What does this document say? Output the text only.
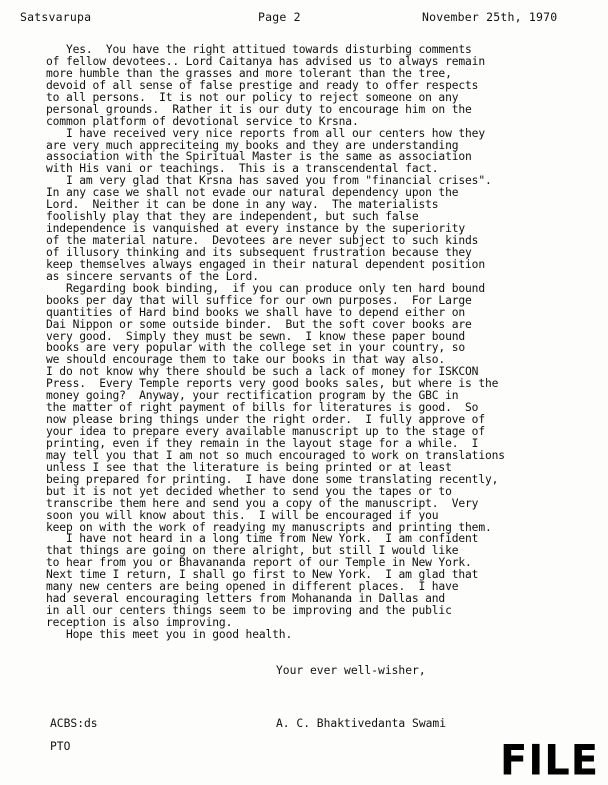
Satsvarupa	Page 2	November 25th, 1970
Yes.  You have the right attitued towards disturbing comments
of fellow devotees.. Lord Caitanya has advised us to always remain
more humble than the grasses and more tolerant than the tree,
devoid of all sense of false prestige and ready to offer respects
to all persons.  It is not our policy to reject someone on any
personal grounds.  Rather it is our duty to encourage him on the
common platform of devotional service to Krsna.
I have received very nice reports from all our centers how they
are very much appreciteing my books and they are understanding
association with the Spiritual Master is the same as association
with His vani or teachings.  This is a transcendental fact.
I am very glad that Krsna has saved you from "financial crises".
In any case we shall not evade our natural dependency upon the
Lord.  Neither it can be done in any way.  The materialists
foolishly play that they are independent, but such false
independence is vanquished at every instance by the superiority
of the material nature.  Devotees are never subject to such kinds
of illusory thinking and its subsequent frustration because they
keep themselves always engaged in their natural dependent position
as sincere servants of the Lord.
Regarding book binding,  if you can produce only ten hard bound
books per day that will suffice for our own purposes.  For Large
quantities of Hard bind books we shall have to depend either on
Dai Nippon or some outside binder.  But the soft cover books are
very good.  Simply they must be sewn.  I know these paper bound
books are very popular with the college set in your country, so
we should encourage them to take our books in that way also.
I do not know why there should be such a lack of money for ISKCON
Press.  Every Temple reports very good books sales, but where is the
money going?  Anyway, your rectification program by the GBC in
the matter of right payment of bills for literatures is good.  So
now please bring things under the right order.  I fully approve of
your idea to prepare every available manuscript up to the stage of
printing, even if they remain in the layout stage for a while.  I
may tell you that I am not so much encouraged to work on translations
unless I see that the literature is being printed or at least
being prepared for printing.  I have done some translating recently,
but it is not yet decided whether to send you the tapes or to
transcribe them here and send you a copy of the manuscript.  Very
soon you will know about this.  I will be encouraged if you
keep on with the work of readying my manuscripts and printing them.
I have not heard in a long time from New York.  I am confident
that things are going on there alright, but still I would like
to hear from you or Bhavananda report of our Temple in New York.
Next time I return, I shall go first to New York.  I am glad that
many new centers are being opened in different places.  I have
had several encouraging letters from Mohananda in Dallas and
in all our centers things seem to be improving and the public
reception is also improving.
Hope this meet you in good health.
Your ever well-wisher,
ACBS:ds	A. C. Bhaktivedanta Swami
PTO	FILE
